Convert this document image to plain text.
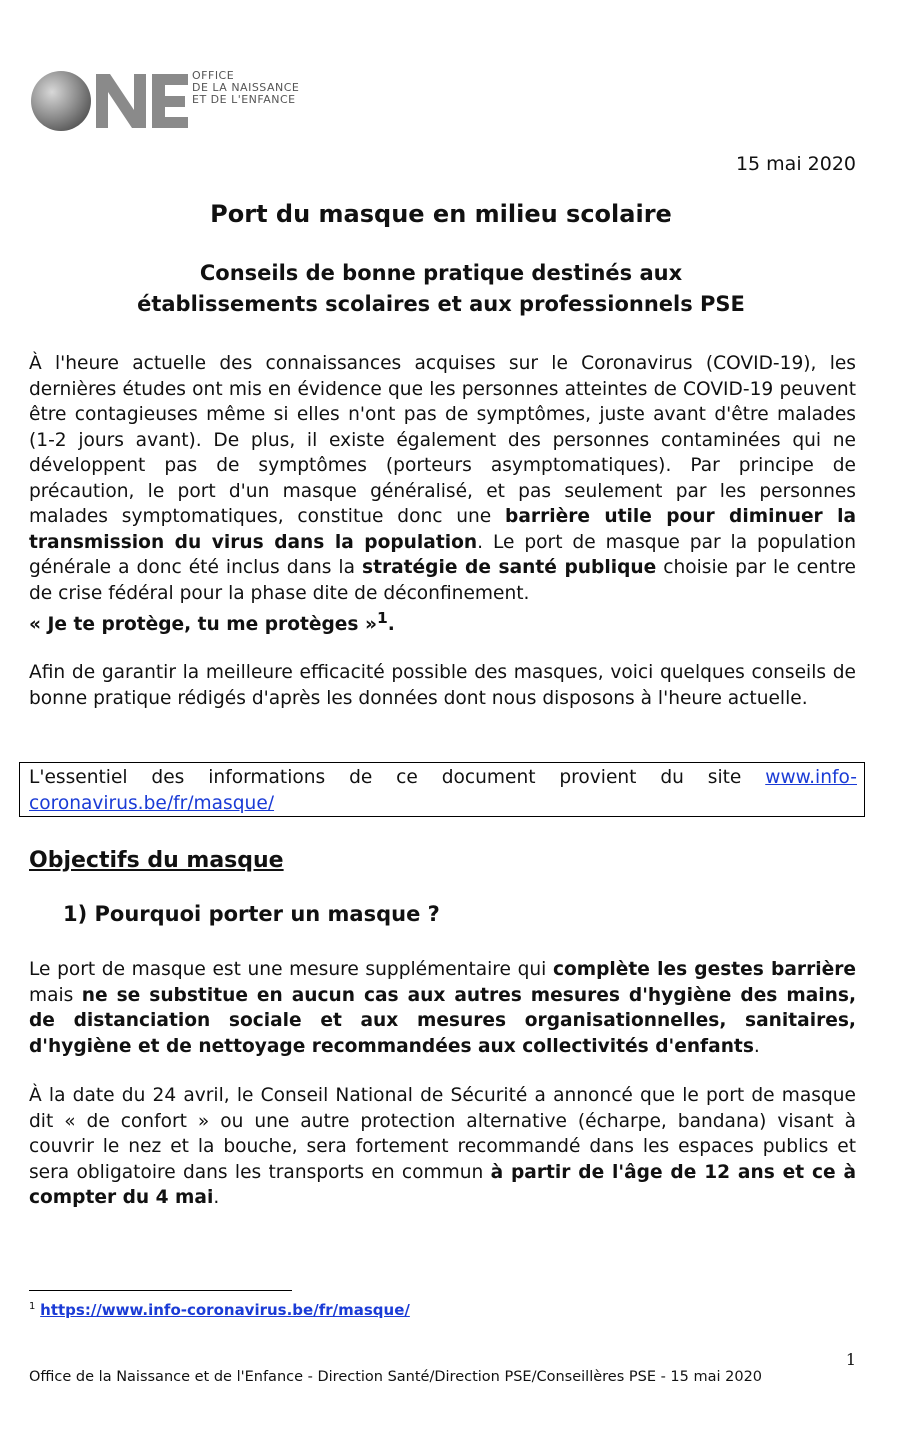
OFFICE
DE LA NAISSANCE
ET DE L'ENFANCE
15 mai 2020
Port du masque en milieu scolaire
Conseils de bonne pratique destinés aux
établissements scolaires et aux professionnels PSE

À l'heure actuelle des connaissances acquises sur le Coronavirus (COVID-19), les dernières études ont mis en évidence que les personnes atteintes de COVID-19 peuvent être contagieuses même si elles n'ont pas de symptômes, juste avant d'être malades (1-2 jours avant). De plus, il existe également des personnes contaminées qui ne développent pas de symptômes (porteurs asymptomatiques). Par principe de précaution, le port d'un masque généralisé, et pas seulement par les personnes malades symptomatiques, constitue donc une barrière utile pour diminuer la transmission du virus dans la population. Le port de masque par la population générale a donc été inclus dans la stratégie de santé publique choisie par le centre de crise fédéral pour la phase dite de déconfinement.
« Je te protège, tu me protèges »$^1$.

Afin de garantir la meilleure efficacité possible des masques, voici quelques conseils de bonne pratique rédigés d'après les données dont nous disposons à l'heure actuelle.

L'essentiel des informations de ce document provient du site www.info-coronavirus.be/fr/masque/

Objectifs du masque
1) Pourquoi porter un masque ?

Le port de masque est une mesure supplémentaire qui complète les gestes barrière mais ne se substitue en aucun cas aux autres mesures d'hygiène des mains, de distanciation sociale et aux mesures organisationnelles, sanitaires, d'hygiène et de nettoyage recommandées aux collectivités d'enfants.

À la date du 24 avril, le Conseil National de Sécurité a annoncé que le port de masque dit « de confort » ou une autre protection alternative (écharpe, bandana) visant à couvrir le nez et la bouche, sera fortement recommandé dans les espaces publics et sera obligatoire dans les transports en commun à partir de l'âge de 12 ans et ce à compter du 4 mai.

$^1$ https://www.info-coronavirus.be/fr/masque/
1
Office de la Naissance et de l'Enfance - Direction Santé/Direction PSE/Conseillères PSE - 15 mai 2020
